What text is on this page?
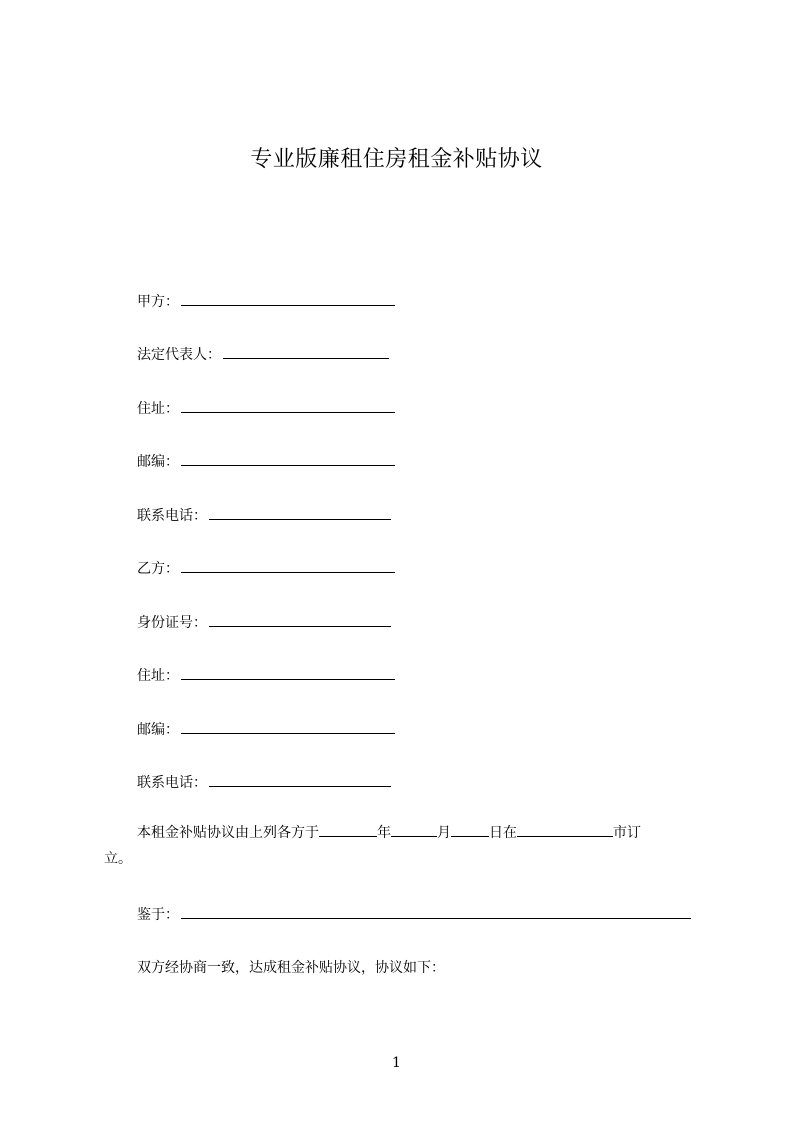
专业版廉租住房租金补贴协议
甲方：
法定代表人：
住址：
邮编：
联系电话：
乙方：
身份证号：
住址：
邮编：
联系电话：
本租金补贴协议由上列各方于	年	月	日在	市订
立。
鉴于：
双方经协商一致，达成租金补贴协议，协议如下：
1
